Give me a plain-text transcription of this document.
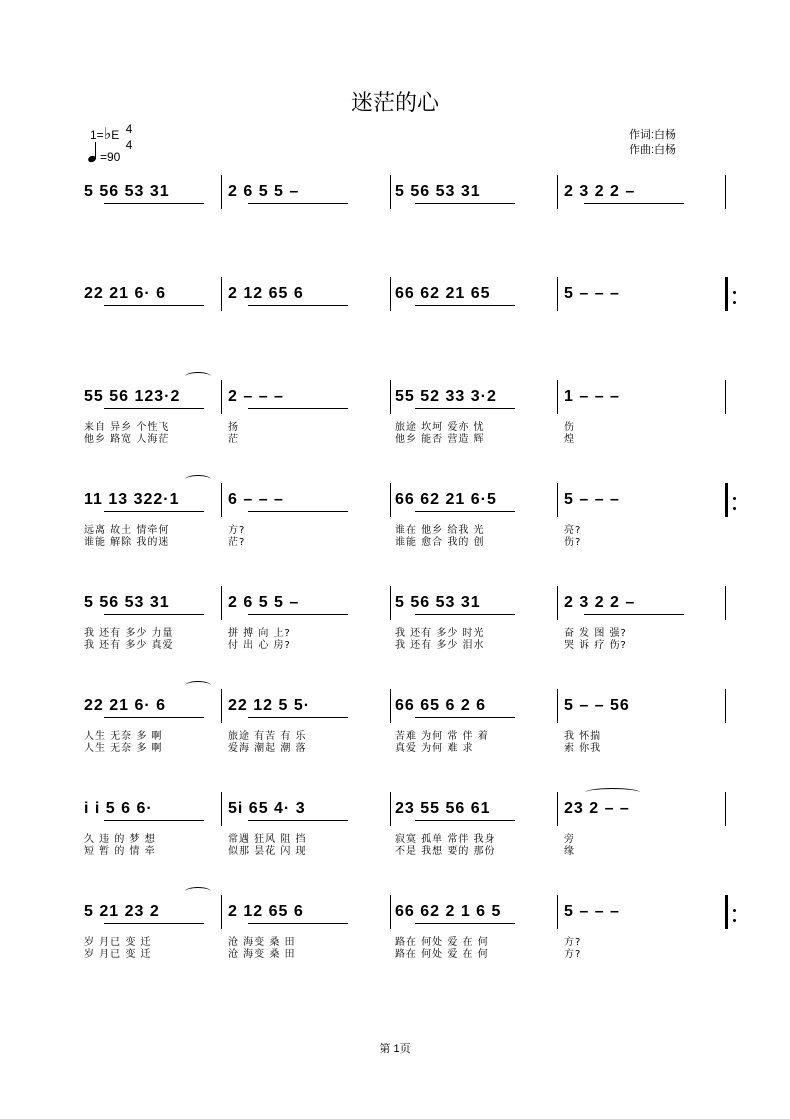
迷茫的心
1=♭E 4
4
=90
作词:白杨
作曲:白杨
5 56 53 31	2 6 5 5 –	5 56 53 31	2 3 2 2 –
22 21 6· 6	2 12 65 6	66 62 21 65	5 – – –
55 56 123·2	2 – – –	55 52 33 3·2	1 – – –
来自 异乡 个性飞	扬	旅途 坎坷 爱亦 忧	伤
他乡 路宽 人海茫	茫	他乡 能否 营造 辉	煌
11 13 322·1	6 – – –	66 62 21 6·5	5 – – –
远离 故土 情牵何	方?	谁在 他乡 给我 光	亮?
谁能 解除 我的迷	茫?	谁能 愈合 我的 创	伤?
5 56 53 31	2 6 5 5 –	5 56 53 31	2 3 2 2 –
我 还有 多少 力量	拼 搏 向 上?	我 还有 多少 时光	奋 发 图 强?
我 还有 多少 真爱	付 出 心 房?	我 还有 多少 泪水	哭 诉 疗 伤?
22 21 6· 6	22 12 5 5·	66 65 6 2 6	5 – – 56
人生 无奈 多 啊	旅途 有苦 有 乐	苦难 为何 常 伴 着	我 怀揣
人生 无奈 多 啊	爱海 潮起 潮 落	真爱 为何 难 求	索 你我
i i 5 6 6·	5i 65 4· 3	23 55 56 61	23 2 – –
久 违 的 梦 想	常遇 狂风 阻 挡	寂寞 孤单 常伴 我身	旁
短 暂 的 情 牵	似那 昙花 闪 现	不是 我想 要的 那份	缘
5 21 23 2	2 12 65 6	66 62 2 1 6 5	5 – – –
岁 月已 变 迁	沧 海变 桑 田	路在 何处 爱 在 何	方?
岁 月已 变 迁	沧 海变 桑 田	路在 何处 爱 在 何	方?
第 1页
